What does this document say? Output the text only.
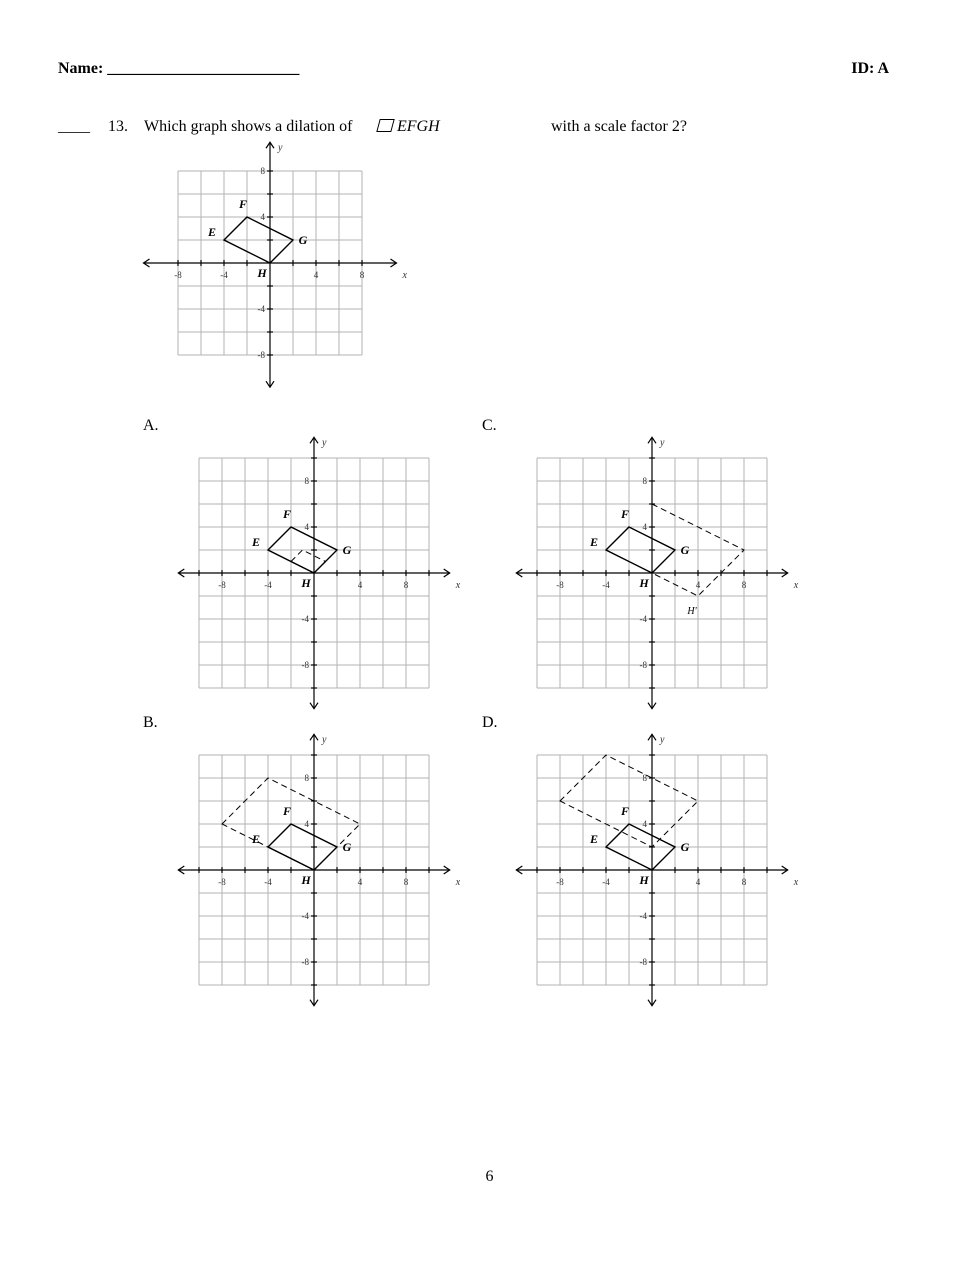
Name: ________________________	ID: A
____ 13. Which graph shows a dilation of	EFGH	with a scale factor 2?
-8
-8
-4
-4
4
4
8
8
x
y
E
F
G
H
A.	C.
B.	D.
-8
-8
-4
-4
4
4
8
8
x
y
E
F
G
H	-8
-8
-4
-4
4
4
8
8
x
y
E
F
G
H
H'
-8
-8
-4
-4
4
4
8
8
x
y
E
F
G
H	-8
-8
-4
-4
4
4
8
8
x
y
E
F
G
H
6
